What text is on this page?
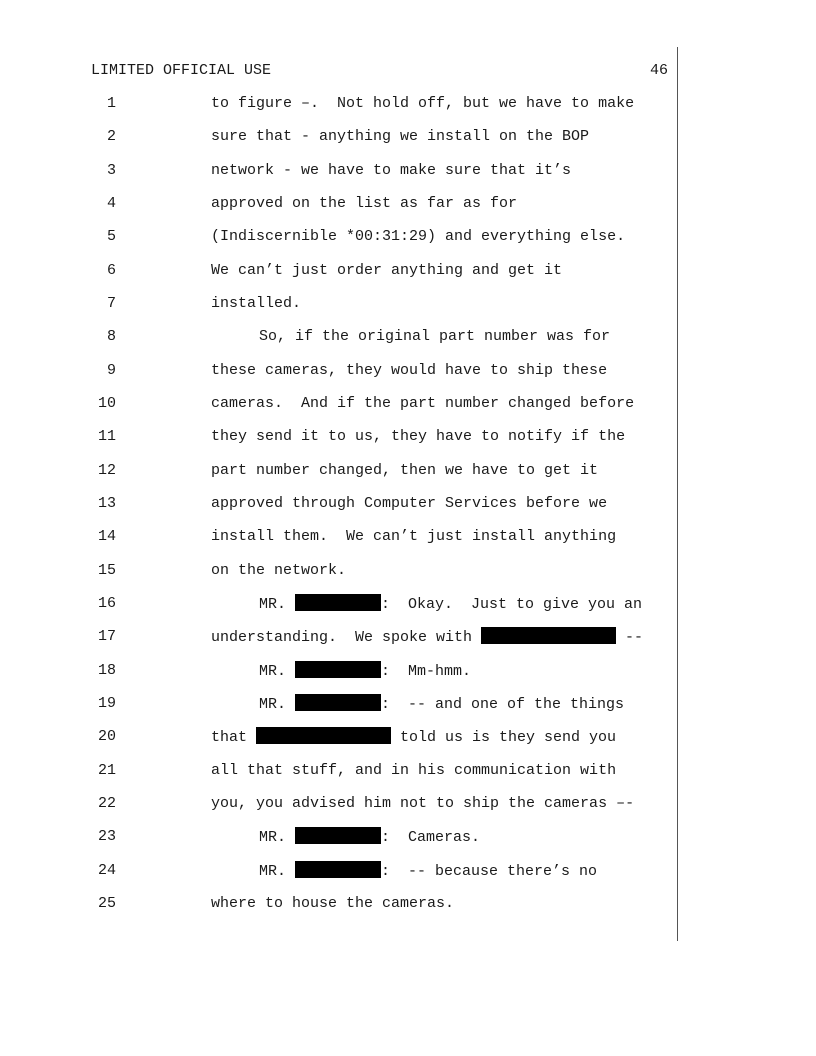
LIMITED OFFICIAL USE	46
1	to figure –.  Not hold off, but we have to make
2	sure that - anything we install on the BOP
3	network - we have to make sure that it’s
4	approved on the list as far as for
5	(Indiscernible *00:31:29) and everything else.
6	We can’t just order anything and get it
7	installed.
8	So, if the original part number was for
9	these cameras, they would have to ship these
10	cameras.  And if the part number changed before
11	they send it to us, they have to notify if the
12	part number changed, then we have to get it
13	approved through Computer Services before we
14	install them.  We can’t just install anything
15	on the network.
16	MR.	:  Okay.  Just to give you an
17	understanding.  We spoke with	--
18	MR.	:  Mm-hmm.
19	MR.	:  -- and one of the things
20	that	told us is they send you
21	all that stuff, and in his communication with
22	you, you advised him not to ship the cameras –-
23	MR.	:  Cameras.
24	MR.	:  -- because there’s no
25	where to house the cameras.
